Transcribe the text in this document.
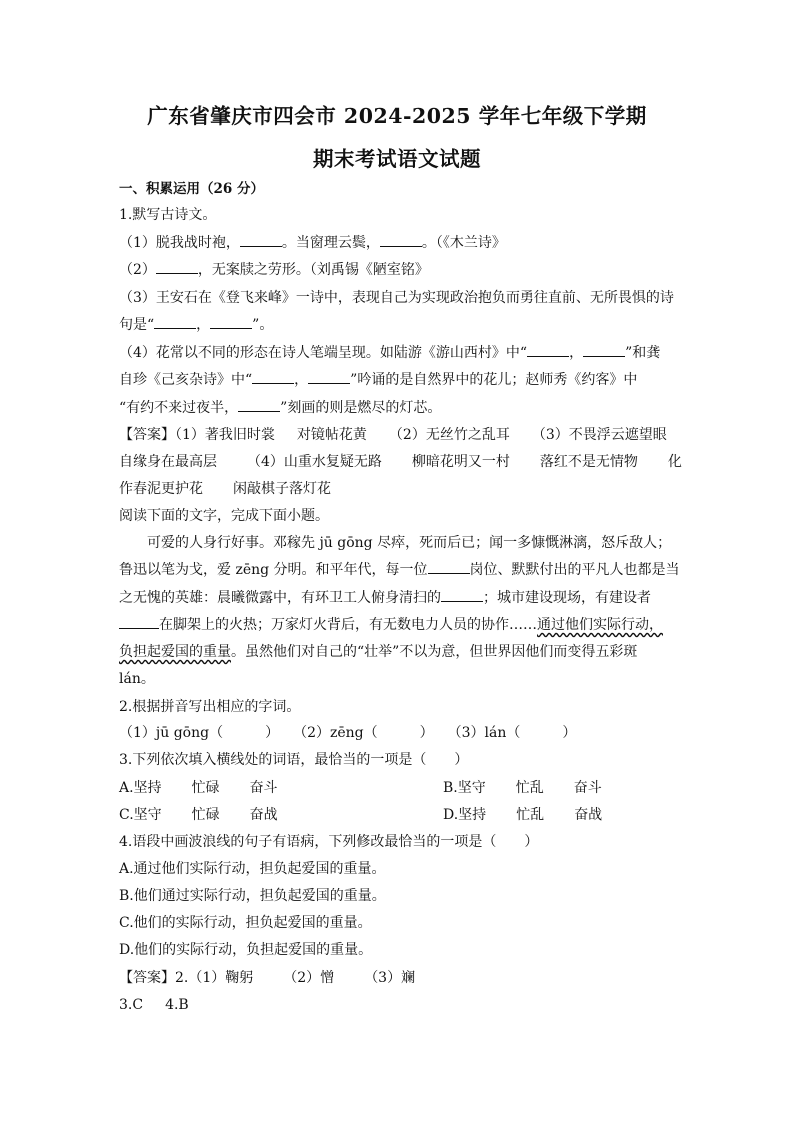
广东省肇庆市四会市 2024-2025 学年七年级下学期
期末考试语文试题
一、积累运用（26 分）
1.默写古诗文。
（1）脱我战时袍，	。当窗理云鬓，	。（《木兰诗》
（2）	，无案牍之劳形。（刘禹锡《陋室铭》
（3）王安石在《登飞来峰》一诗中，表现自己为实现政治抱负而勇往直前、无所畏惧的诗
句是“	，	”。
（4）花常以不同的形态在诗人笔端呈现。如陆游《游山西村》中“	，	”和龚
自珍《己亥杂诗》中“	，	”吟诵的是自然界中的花儿；赵师秀《约客》中
“有约不来过夜半，	”刻画的则是燃尽的灯芯。
【答案】（1）著我旧时裳 对镜帖花黄 （2）无丝竹之乱耳 （3）不畏浮云遮望眼
自缘身在最高层 （4）山重水复疑无路 柳暗花明又一村 落红不是无情物 化
作春泥更护花 闲敲棋子落灯花
阅读下面的文字，完成下面小题。
可爱的人身行好事。邓稼先 jū gōng 尽瘁，死而后已；闻一多慷慨淋漓，怒斥敌人；
鲁迅以笔为戈，爱 zēng 分明。和平年代，每一位	岗位、默默付出的平凡人也都是当
之无愧的英雄：晨曦微露中，有环卫工人俯身清扫的	；城市建设现场，有建设者
在脚架上的火热；万家灯火背后，有无数电力人员的协作……通过他们实际行动，
负担起爱国的重量。虽然他们对自己的“壮举”不以为意，但世界因他们而变得五彩斑
lán。
2.根据拼音写出相应的字词。
（1）jū gōng（　　　）　　（2）zēng（　　　）　　（3）lán（　　　）
3.下列依次填入横线处的词语，最恰当的一项是（　　）
A.坚持 忙碌 奋斗	B.坚守 忙乱 奋斗
C.坚守 忙碌 奋战	D.坚持 忙乱 奋战
4.语段中画波浪线的句子有语病，下列修改最恰当的一项是（　　）
A.通过他们实际行动，担负起爱国的重量。
B.他们通过实际行动，担负起爱国的重量。
C.他们的实际行动，担负起爱国的重量。
D.他们的实际行动，负担起爱国的重量。
【答案】2.（1）鞠躬 （2）憎 （3）斓
3.C 4.B
